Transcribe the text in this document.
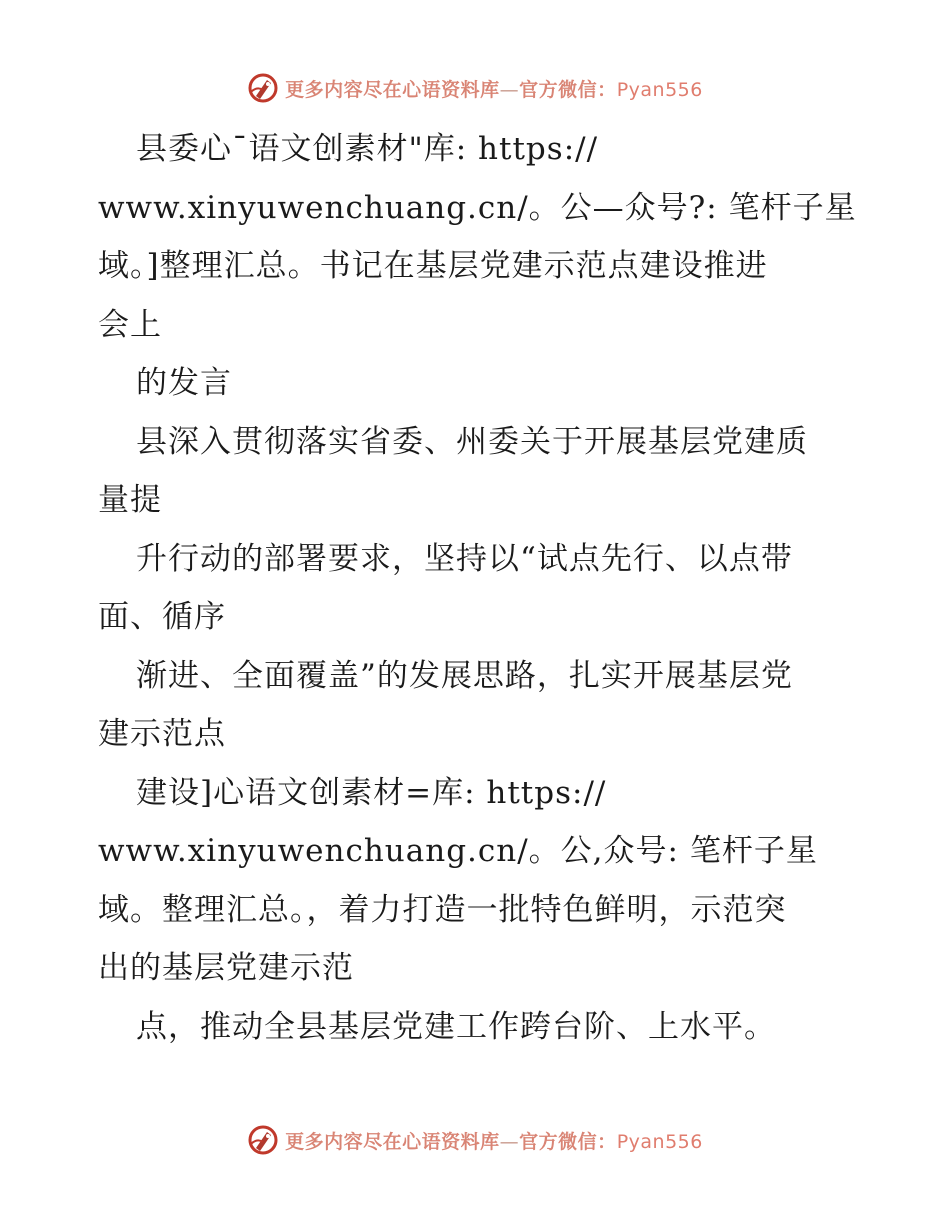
更多内容尽在心语资料库—官方微信：Pyan556
县委心¯语文创素材"库: https://
www.xinyuwenchuang.cn/。公—众号?: 笔杆子星
域。]整理汇总。书记在基层党建示范点建设推进
会上
的发言
县深入贯彻落实省委、州委关于开展基层党建质
量提
升行动的部署要求，坚持以“试点先行、以点带
面、循序
渐进、全面覆盖”的发展思路，扎实开展基层党
建示范点
建设]心语文创素材=库: https://
www.xinyuwenchuang.cn/。公,众号: 笔杆子星
域。整理汇总。，着力打造一批特色鲜明，示范突
出的基层党建示范
点，推动全县基层党建工作跨台阶、上水平。
更多内容尽在心语资料库—官方微信：Pyan556
